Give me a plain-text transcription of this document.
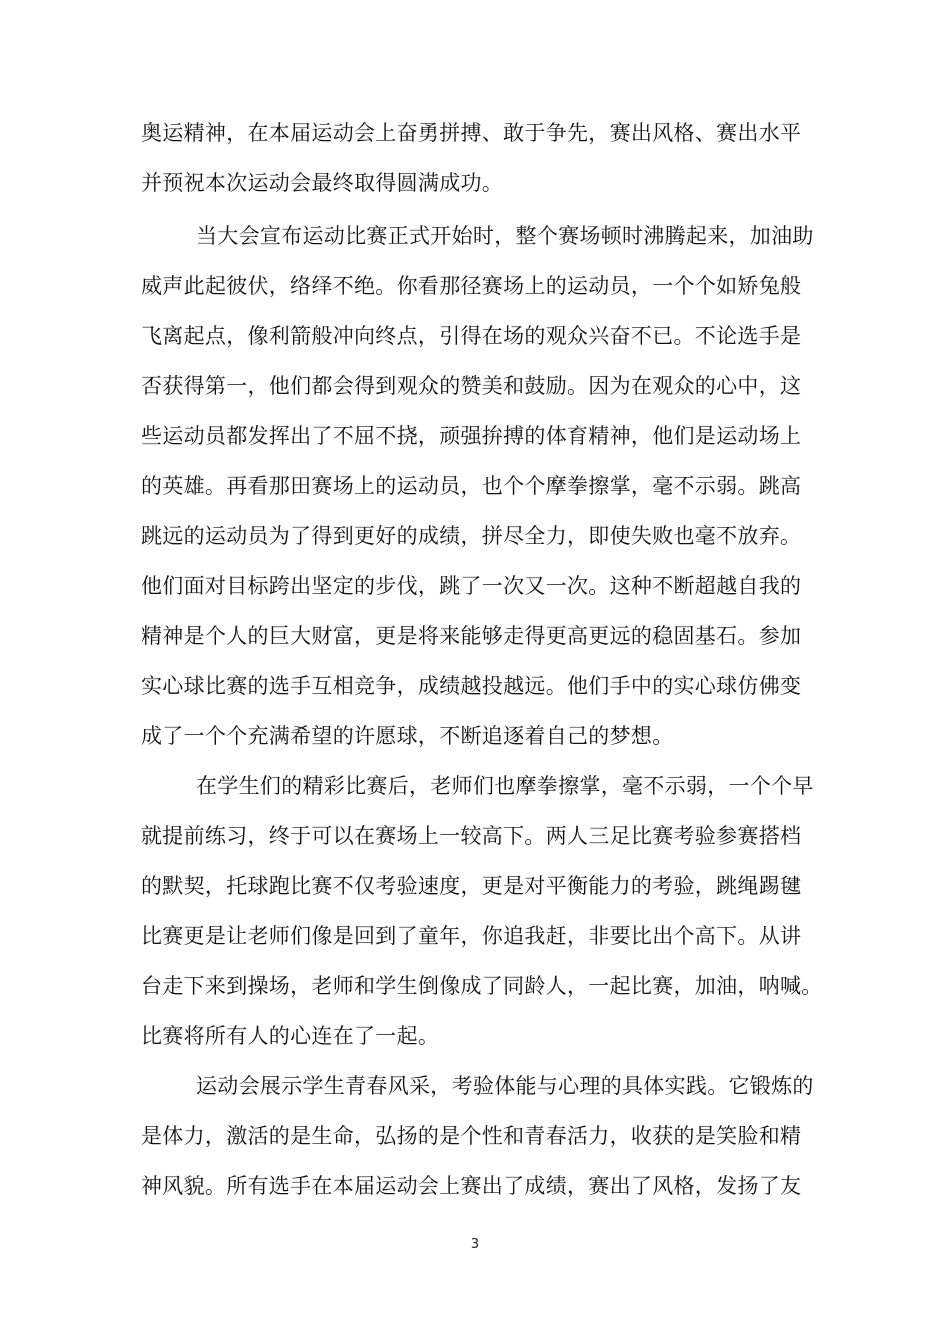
奥运精神，在本届运动会上奋勇拼搏、敢于争先，赛出风格、赛出水平
并预祝本次运动会最终取得圆满成功。
当大会宣布运动比赛正式开始时，整个赛场顿时沸腾起来，加油助
威声此起彼伏，络绎不绝。你看那径赛场上的运动员，一个个如矫兔般
飞离起点，像利箭般冲向终点，引得在场的观众兴奋不已。不论选手是
否获得第一，他们都会得到观众的赞美和鼓励。因为在观众的心中，这
些运动员都发挥出了不屈不挠，顽强拚搏的体育精神，他们是运动场上
的英雄。再看那田赛场上的运动员，也个个摩拳擦掌，毫不示弱。跳高
跳远的运动员为了得到更好的成绩，拼尽全力，即使失败也毫不放弃。
他们面对目标跨出坚定的步伐，跳了一次又一次。这种不断超越自我的
精神是个人的巨大财富，更是将来能够走得更高更远的稳固基石。参加
实心球比赛的选手互相竞争，成绩越投越远。他们手中的实心球仿佛变
成了一个个充满希望的许愿球，不断追逐着自己的梦想。
在学生们的精彩比赛后，老师们也摩拳擦掌，毫不示弱，一个个早
就提前练习，终于可以在赛场上一较高下。两人三足比赛考验参赛搭档
的默契，托球跑比赛不仅考验速度，更是对平衡能力的考验，跳绳踢毽
比赛更是让老师们像是回到了童年，你追我赶，非要比出个高下。从讲
台走下来到操场，老师和学生倒像成了同龄人，一起比赛，加油，呐喊。
比赛将所有人的心连在了一起。
运动会展示学生青春风采，考验体能与心理的具体实践。它锻炼的
是体力，激活的是生命，弘扬的是个性和青春活力，收获的是笑脸和精
神风貌。所有选手在本届运动会上赛出了成绩，赛出了风格，发扬了友
3
